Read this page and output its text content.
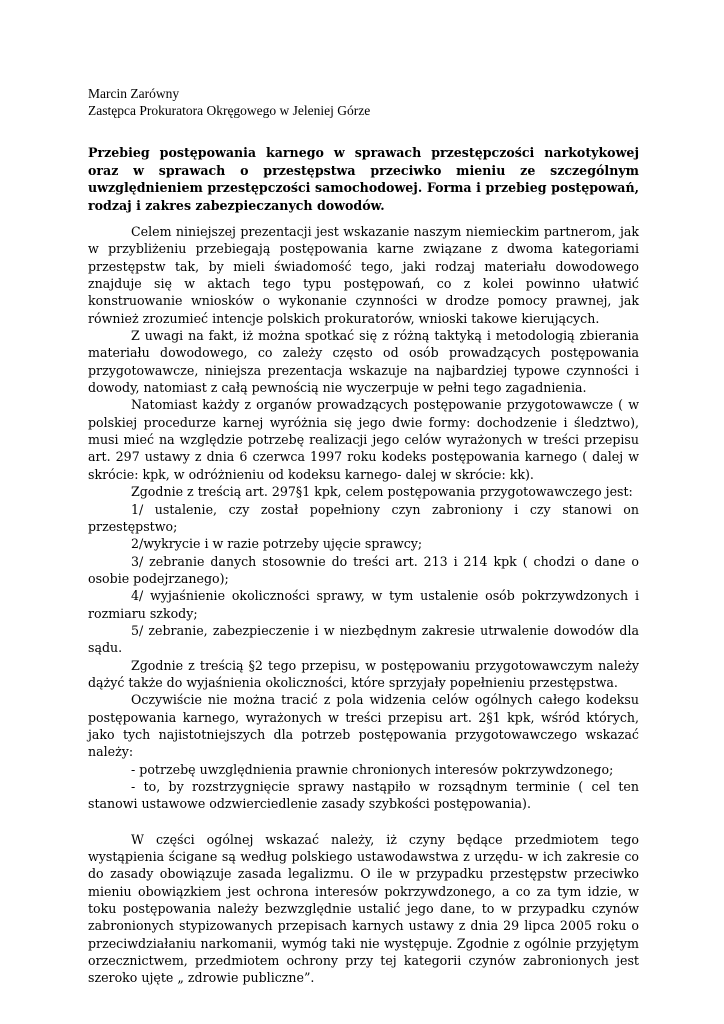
Marcin Zarówny
Zastępca Prokuratora Okręgowego w Jeleniej Górze
Przebieg postępowania karnego w sprawach przestępczości narkotykowej oraz w sprawach o przestępstwa przeciwko mieniu ze szczególnym uwzględnieniem przestępczości samochodowej. Forma i przebieg postępowań, rodzaj i zakres zabezpieczanych dowodów.

Celem niniejszej prezentacji jest wskazanie naszym niemieckim partnerom, jak w przybliżeniu przebiegają postępowania karne związane z dwoma kategoriami przestępstw tak, by mieli świadomość tego, jaki rodzaj materiału dowodowego znajduje się w aktach tego typu postępowań, co z kolei powinno ułatwić konstruowanie wniosków o wykonanie czynności w drodze pomocy prawnej, jak również zrozumieć intencje polskich prokuratorów, wnioski takowe kierujących.

Z uwagi na fakt, iż można spotkać się z różną taktyką i metodologią zbierania materiału dowodowego, co zależy często od osób prowadzących postępowania przygotowawcze, niniejsza prezentacja wskazuje na najbardziej typowe czynności i dowody, natomiast z całą pewnością nie wyczerpuje w pełni tego zagadnienia.

Natomiast każdy z organów prowadzących postępowanie przygotowawcze ( w polskiej procedurze karnej wyróżnia się jego dwie formy: dochodzenie i śledztwo), musi mieć na względzie potrzebę realizacji jego celów wyrażonych w treści przepisu art. 297 ustawy z dnia 6 czerwca 1997 roku kodeks postępowania karnego ( dalej w skrócie: kpk, w odróżnieniu od kodeksu karnego- dalej w skrócie: kk).

Zgodnie z treścią art. 297§1 kpk, celem postępowania przygotowawczego jest:

1/ ustalenie, czy został popełniony czyn zabroniony i czy stanowi on przestępstwo;

2/wykrycie i w razie potrzeby ujęcie sprawcy;

3/ zebranie danych stosownie do treści art. 213 i 214 kpk ( chodzi o dane o osobie podejrzanego);

4/ wyjaśnienie okoliczności sprawy, w tym ustalenie osób pokrzywdzonych i rozmiaru szkody;

5/ zebranie, zabezpieczenie i w niezbędnym zakresie utrwalenie dowodów dla sądu.

Zgodnie z treścią §2 tego przepisu, w postępowaniu przygotowawczym należy dążyć także do wyjaśnienia okoliczności, które sprzyjały popełnieniu przestępstwa.

Oczywiście nie można tracić z pola widzenia celów ogólnych całego kodeksu postępowania karnego, wyrażonych w treści przepisu art. 2§1 kpk, wśród których, jako tych najistotniejszych dla potrzeb postępowania przygotowawczego wskazać należy:

- potrzebę uwzględnienia prawnie chronionych interesów pokrzywdzonego;

- to, by rozstrzygnięcie sprawy nastąpiło w rozsądnym terminie ( cel ten stanowi ustawowe odzwierciedlenie zasady szybkości postępowania).

W części ogólnej wskazać należy, iż czyny będące przedmiotem tego wystąpienia ścigane są według polskiego ustawodawstwa z urzędu- w ich zakresie co do zasady obowiązuje zasada legalizmu. O ile w przypadku przestępstw przeciwko mieniu obowiązkiem jest ochrona interesów pokrzywdzonego, a co za tym idzie, w toku postępowania należy bezwzględnie ustalić jego dane, to w przypadku czynów zabronionych stypizowanych przepisach karnych ustawy z dnia 29 lipca 2005 roku o przeciwdziałaniu narkomanii, wymóg taki nie występuje. Zgodnie z ogólnie przyjętym orzecznictwem, przedmiotem ochrony przy tej kategorii czynów zabronionych jest szeroko ujęte „ zdrowie publiczne”.
